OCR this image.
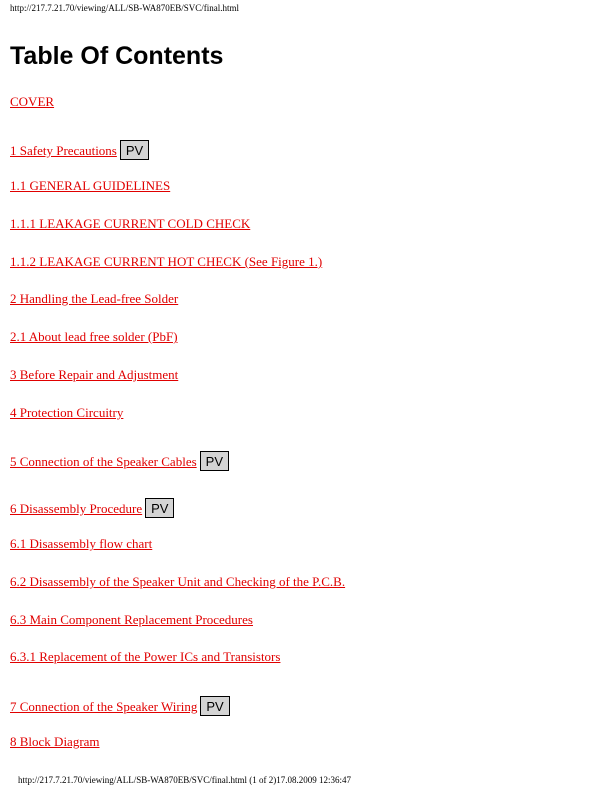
http://217.7.21.70/viewing/ALL/SB-WA870EB/SVC/final.html
Table Of Contents
COVER
1 Safety Precautions PV
1.1 GENERAL GUIDELINES
1.1.1 LEAKAGE CURRENT COLD CHECK
1.1.2 LEAKAGE CURRENT HOT CHECK (See Figure 1.)
2 Handling the Lead-free Solder
2.1 About lead free solder (PbF)
3 Before Repair and Adjustment
4 Protection Circuitry
5 Connection of the Speaker Cables PV
6 Disassembly Procedure PV
6.1 Disassembly flow chart
6.2 Disassembly of the Speaker Unit and Checking of the P.C.B.
6.3 Main Component Replacement Procedures
6.3.1 Replacement of the Power ICs and Transistors
7 Connection of the Speaker Wiring PV
8 Block Diagram
http://217.7.21.70/viewing/ALL/SB-WA870EB/SVC/final.html (1 of 2)17.08.2009 12:36:47
